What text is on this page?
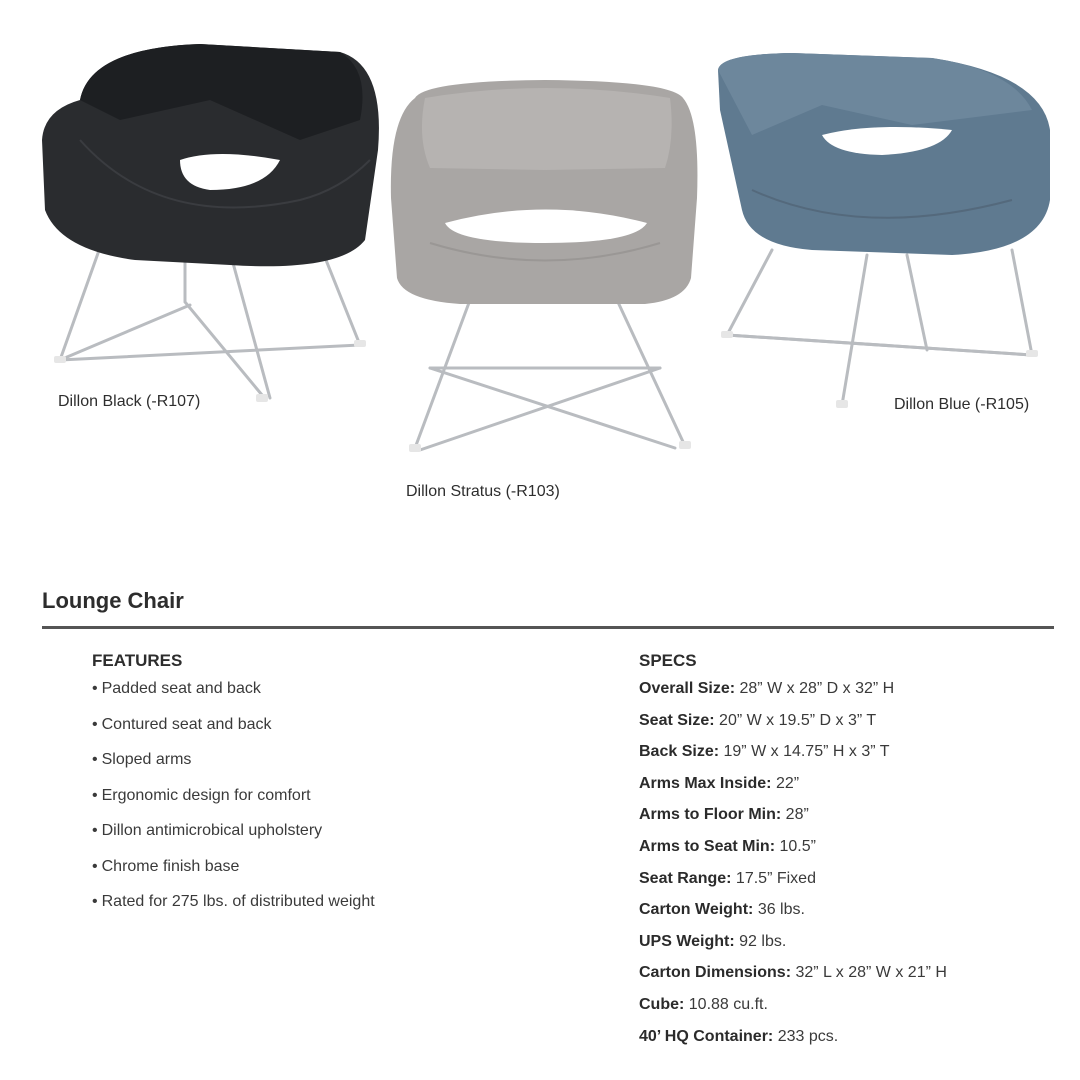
Dillon Black (-R107)
Dillon Stratus (-R103)
Dillon Blue (-R105)
Lounge Chair
FEATURES
• Padded seat and back
• Contured seat and back
• Sloped arms
• Ergonomic design for comfort
• Dillon antimicrobical upholstery
• Chrome finish base
• Rated for 275 lbs. of distributed weight
SPECS
Overall Size: 28” W x 28” D x 32” H
Seat Size: 20” W x 19.5” D x 3” T
Back Size: 19” W x 14.75” H x 3” T
Arms Max Inside: 22”
Arms to Floor Min: 28”
Arms to Seat Min: 10.5”
Seat Range: 17.5” Fixed
Carton Weight: 36 lbs.
UPS Weight: 92 lbs.
Carton Dimensions: 32” L x 28” W x 21” H
Cube: 10.88 cu.ft.
40’ HQ Container: 233 pcs.
